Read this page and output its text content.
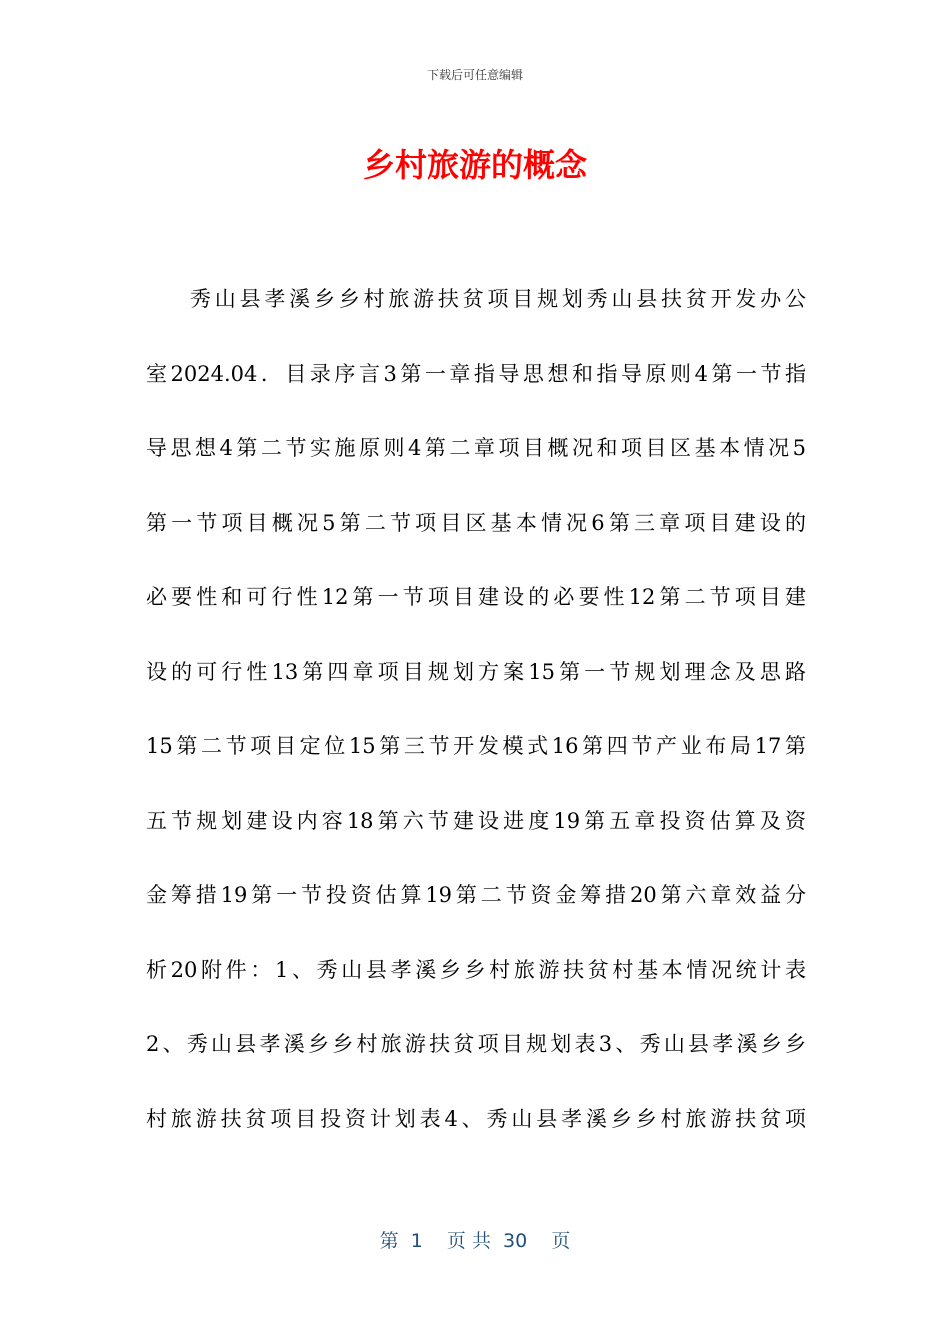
下载后可任意编辑
乡村旅游的概念
秀山县孝溪乡乡村旅游扶贫项目规划秀山县扶贫开发办公
室2024.04．目录序言3第一章指导思想和指导原则4第一节指
导思想4第二节实施原则4第二章项目概况和项目区基本情况5
第一节项目概况5第二节项目区基本情况6第三章项目建设的
必要性和可行性12第一节项目建设的必要性12第二节项目建
设的可行性13第四章项目规划方案15第一节规划理念及思路
15第二节项目定位15第三节开发模式16第四节产业布局17第
五节规划建设内容18第六节建设进度19第五章投资估算及资
金筹措19第一节投资估算19第二节资金筹措20第六章效益分
析20附件：1、秀山县孝溪乡乡村旅游扶贫村基本情况统计表
2、秀山县孝溪乡乡村旅游扶贫项目规划表3、秀山县孝溪乡乡
村旅游扶贫项目投资计划表4、秀山县孝溪乡乡村旅游扶贫项
第  1    页 共  30    页
